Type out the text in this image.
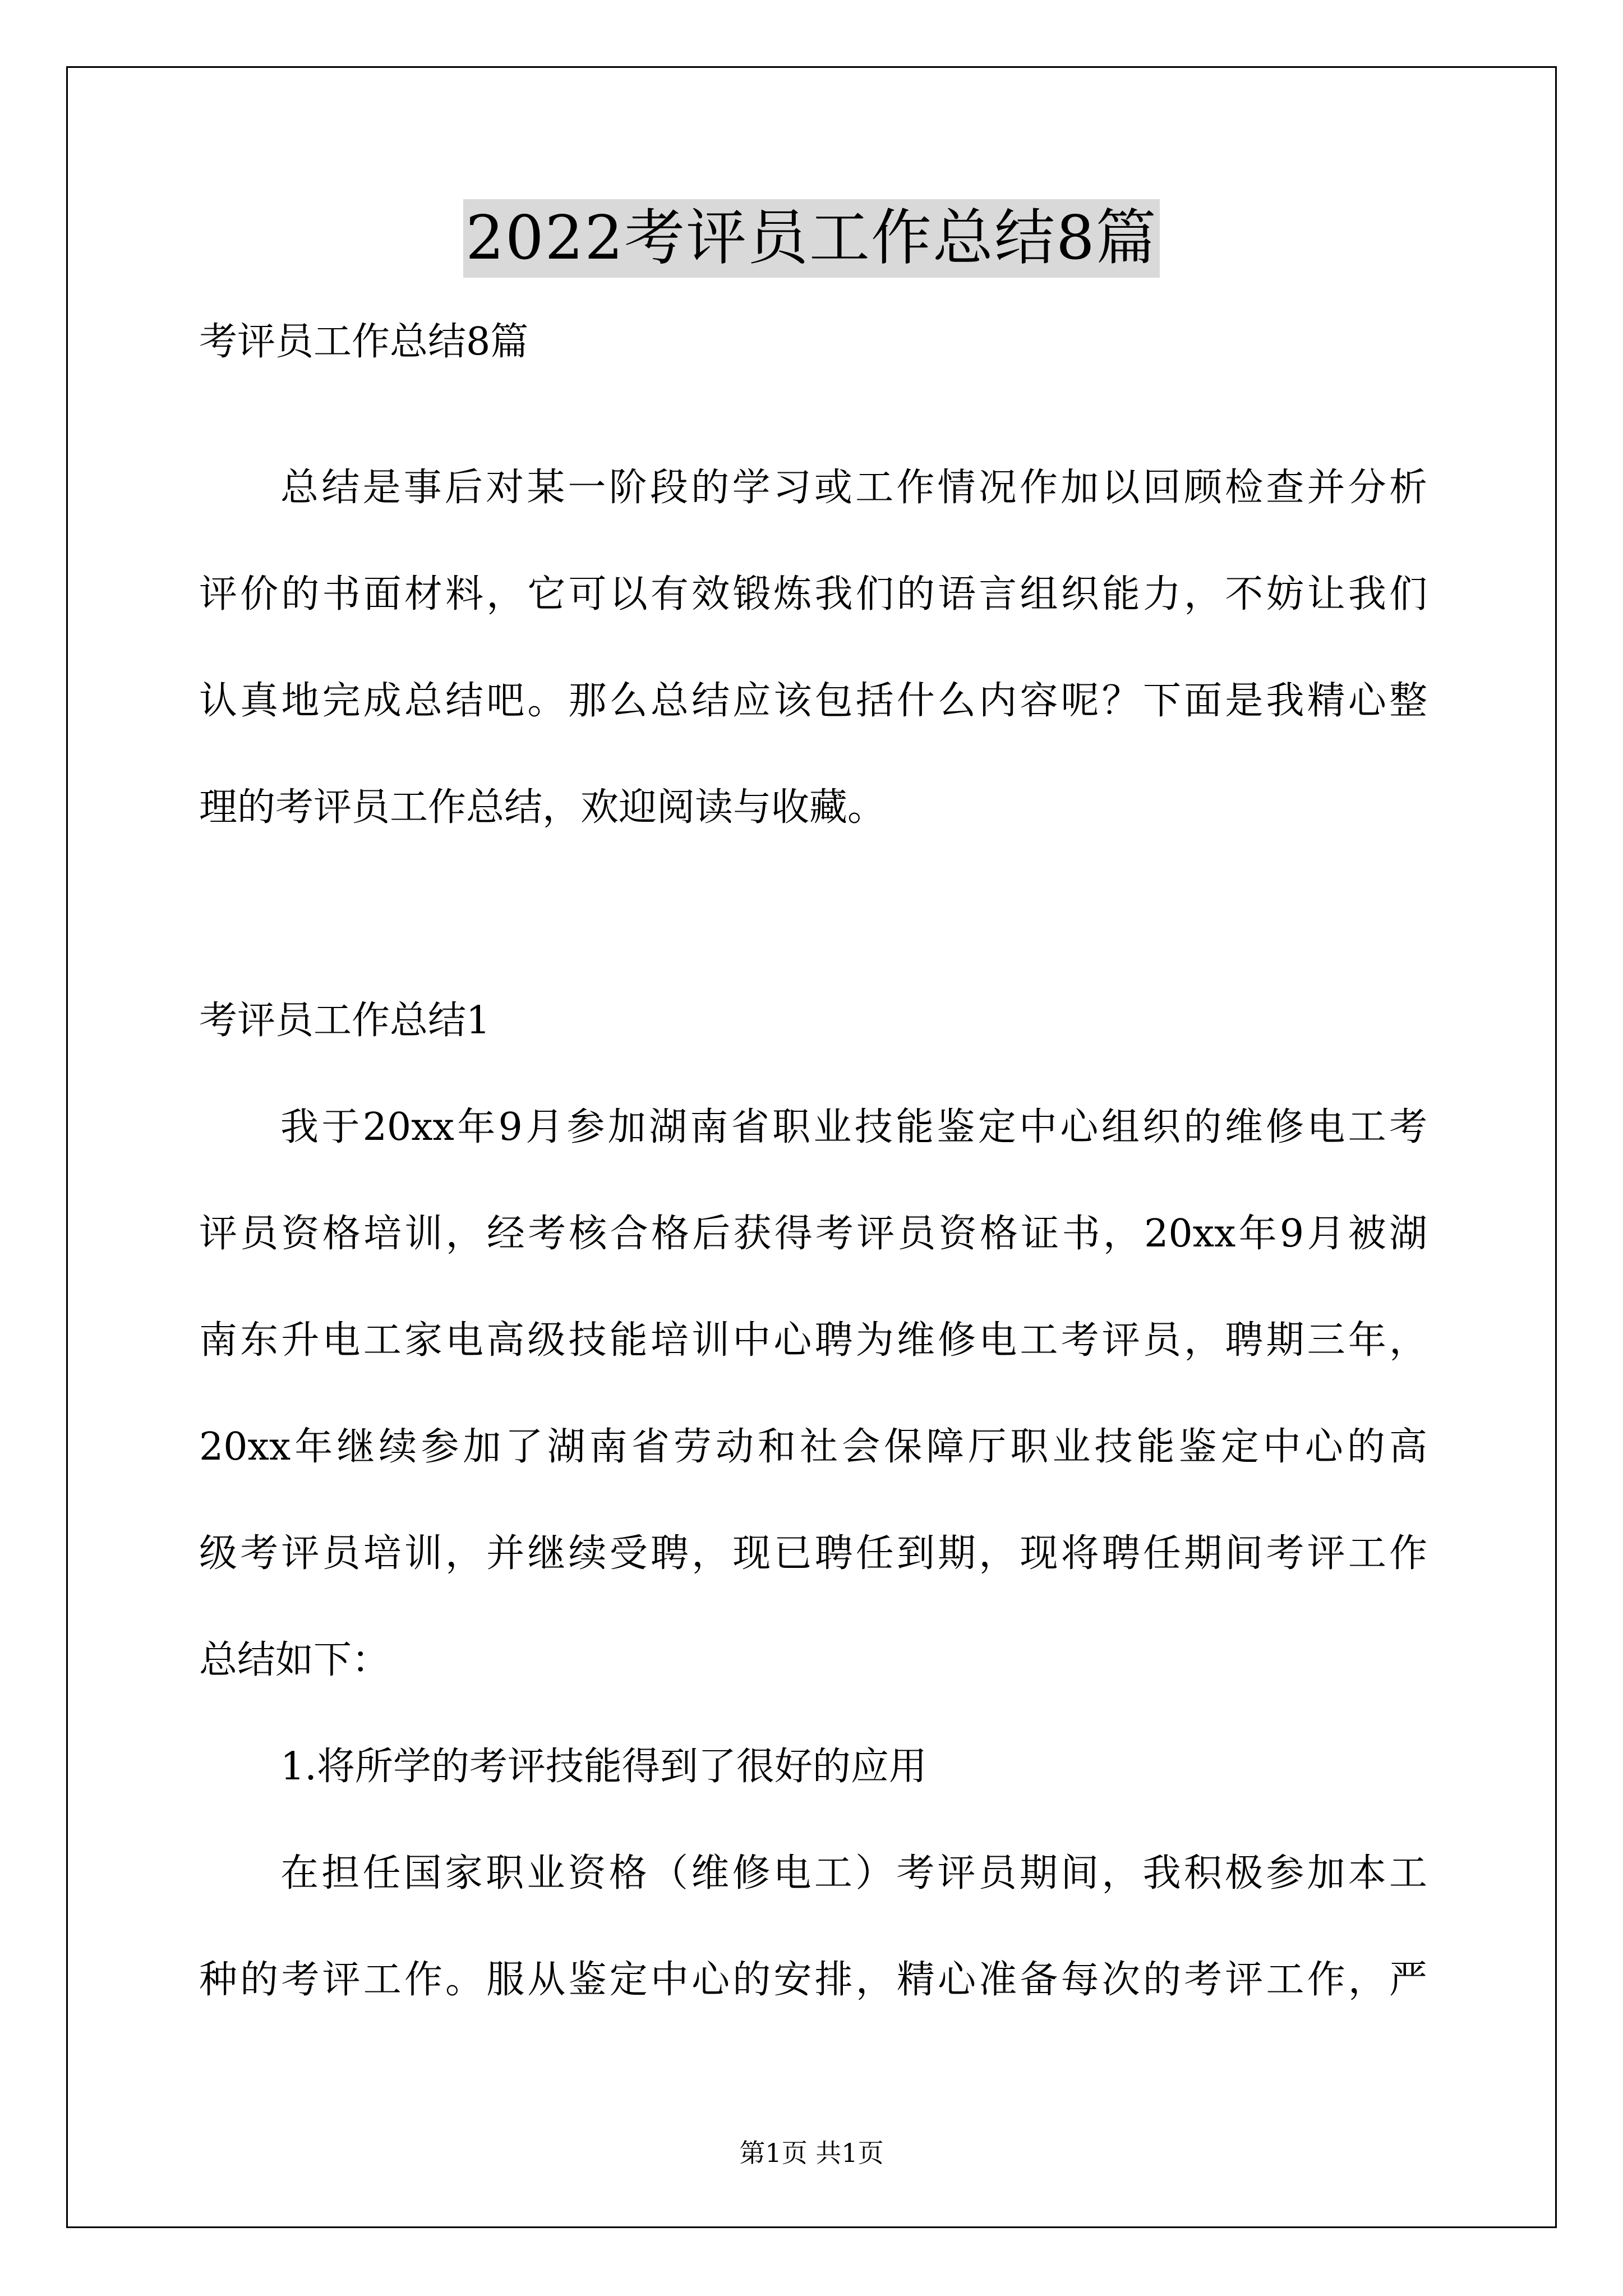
2022考评员工作总结8篇
考评员工作总结8篇
总结是事后对某一阶段的学习或工作情况作加以回顾检查并分析
评价的书面材料，它可以有效锻炼我们的语言组织能力，不妨让我们
认真地完成总结吧。那么总结应该包括什么内容呢？下面是我精心整
理的考评员工作总结，欢迎阅读与收藏。
考评员工作总结1
我于20xx年9月参加湖南省职业技能鉴定中心组织的维修电工考
评员资格培训，经考核合格后获得考评员资格证书，20xx年9月被湖
南东升电工家电高级技能培训中心聘为维修电工考评员，聘期三年，
20xx年继续参加了湖南省劳动和社会保障厅职业技能鉴定中心的高
级考评员培训，并继续受聘，现已聘任到期，现将聘任期间考评工作
总结如下：
1.将所学的考评技能得到了很好的应用
在担任国家职业资格（维修电工）考评员期间，我积极参加本工
种的考评工作。服从鉴定中心的安排，精心准备每次的考评工作，严
第1页 共1页
